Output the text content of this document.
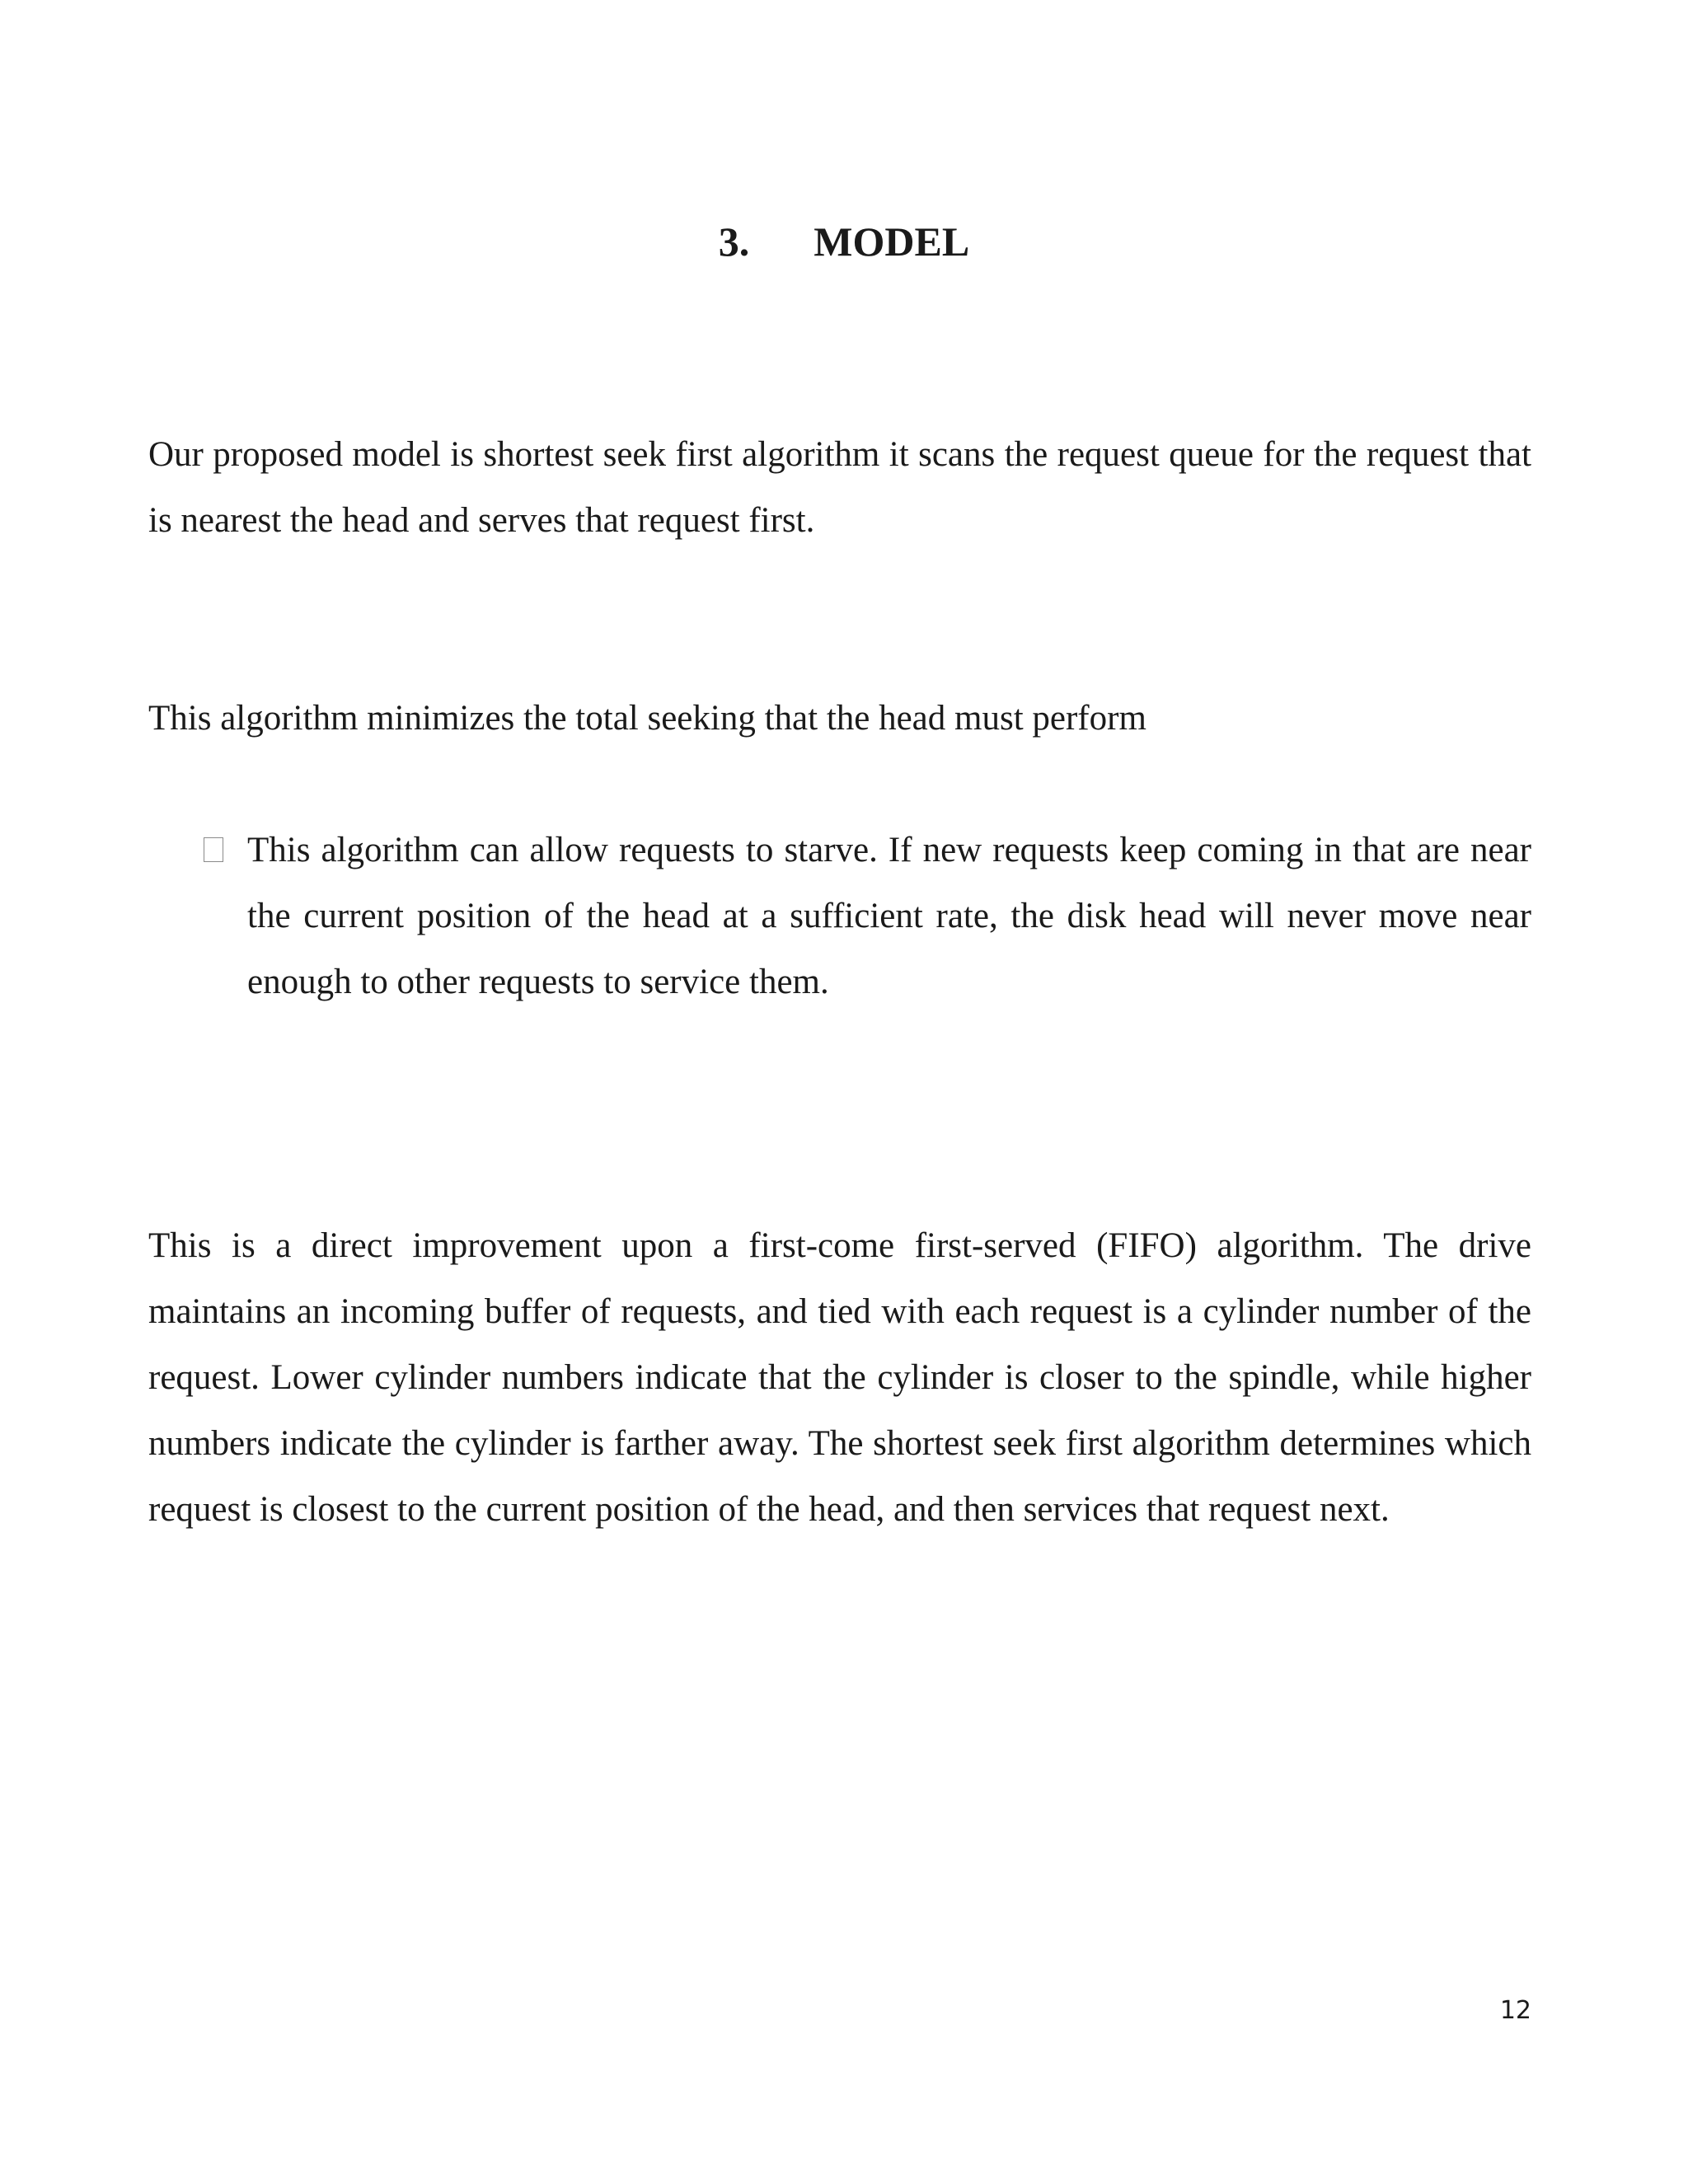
3. MODEL

Our proposed model is shortest seek first algorithm it scans the request queue for the request that is nearest the head and serves that request first.

This algorithm minimizes the total seeking that the head must perform

This algorithm can allow requests to starve. If new requests keep coming in that are near the current position of the head at a sufficient rate, the disk head will never move near enough to other requests to service them.

This is a direct improvement upon a first-come first-served (FIFO) algorithm. The drive maintains an incoming buffer of requests, and tied with each request is a cylinder number of the request. Lower cylinder numbers indicate that the cylinder is closer to the spindle, while higher numbers indicate the cylinder is farther away. The shortest seek first algorithm determines which request is closest to the current position of the head, and then services that request next.

12
